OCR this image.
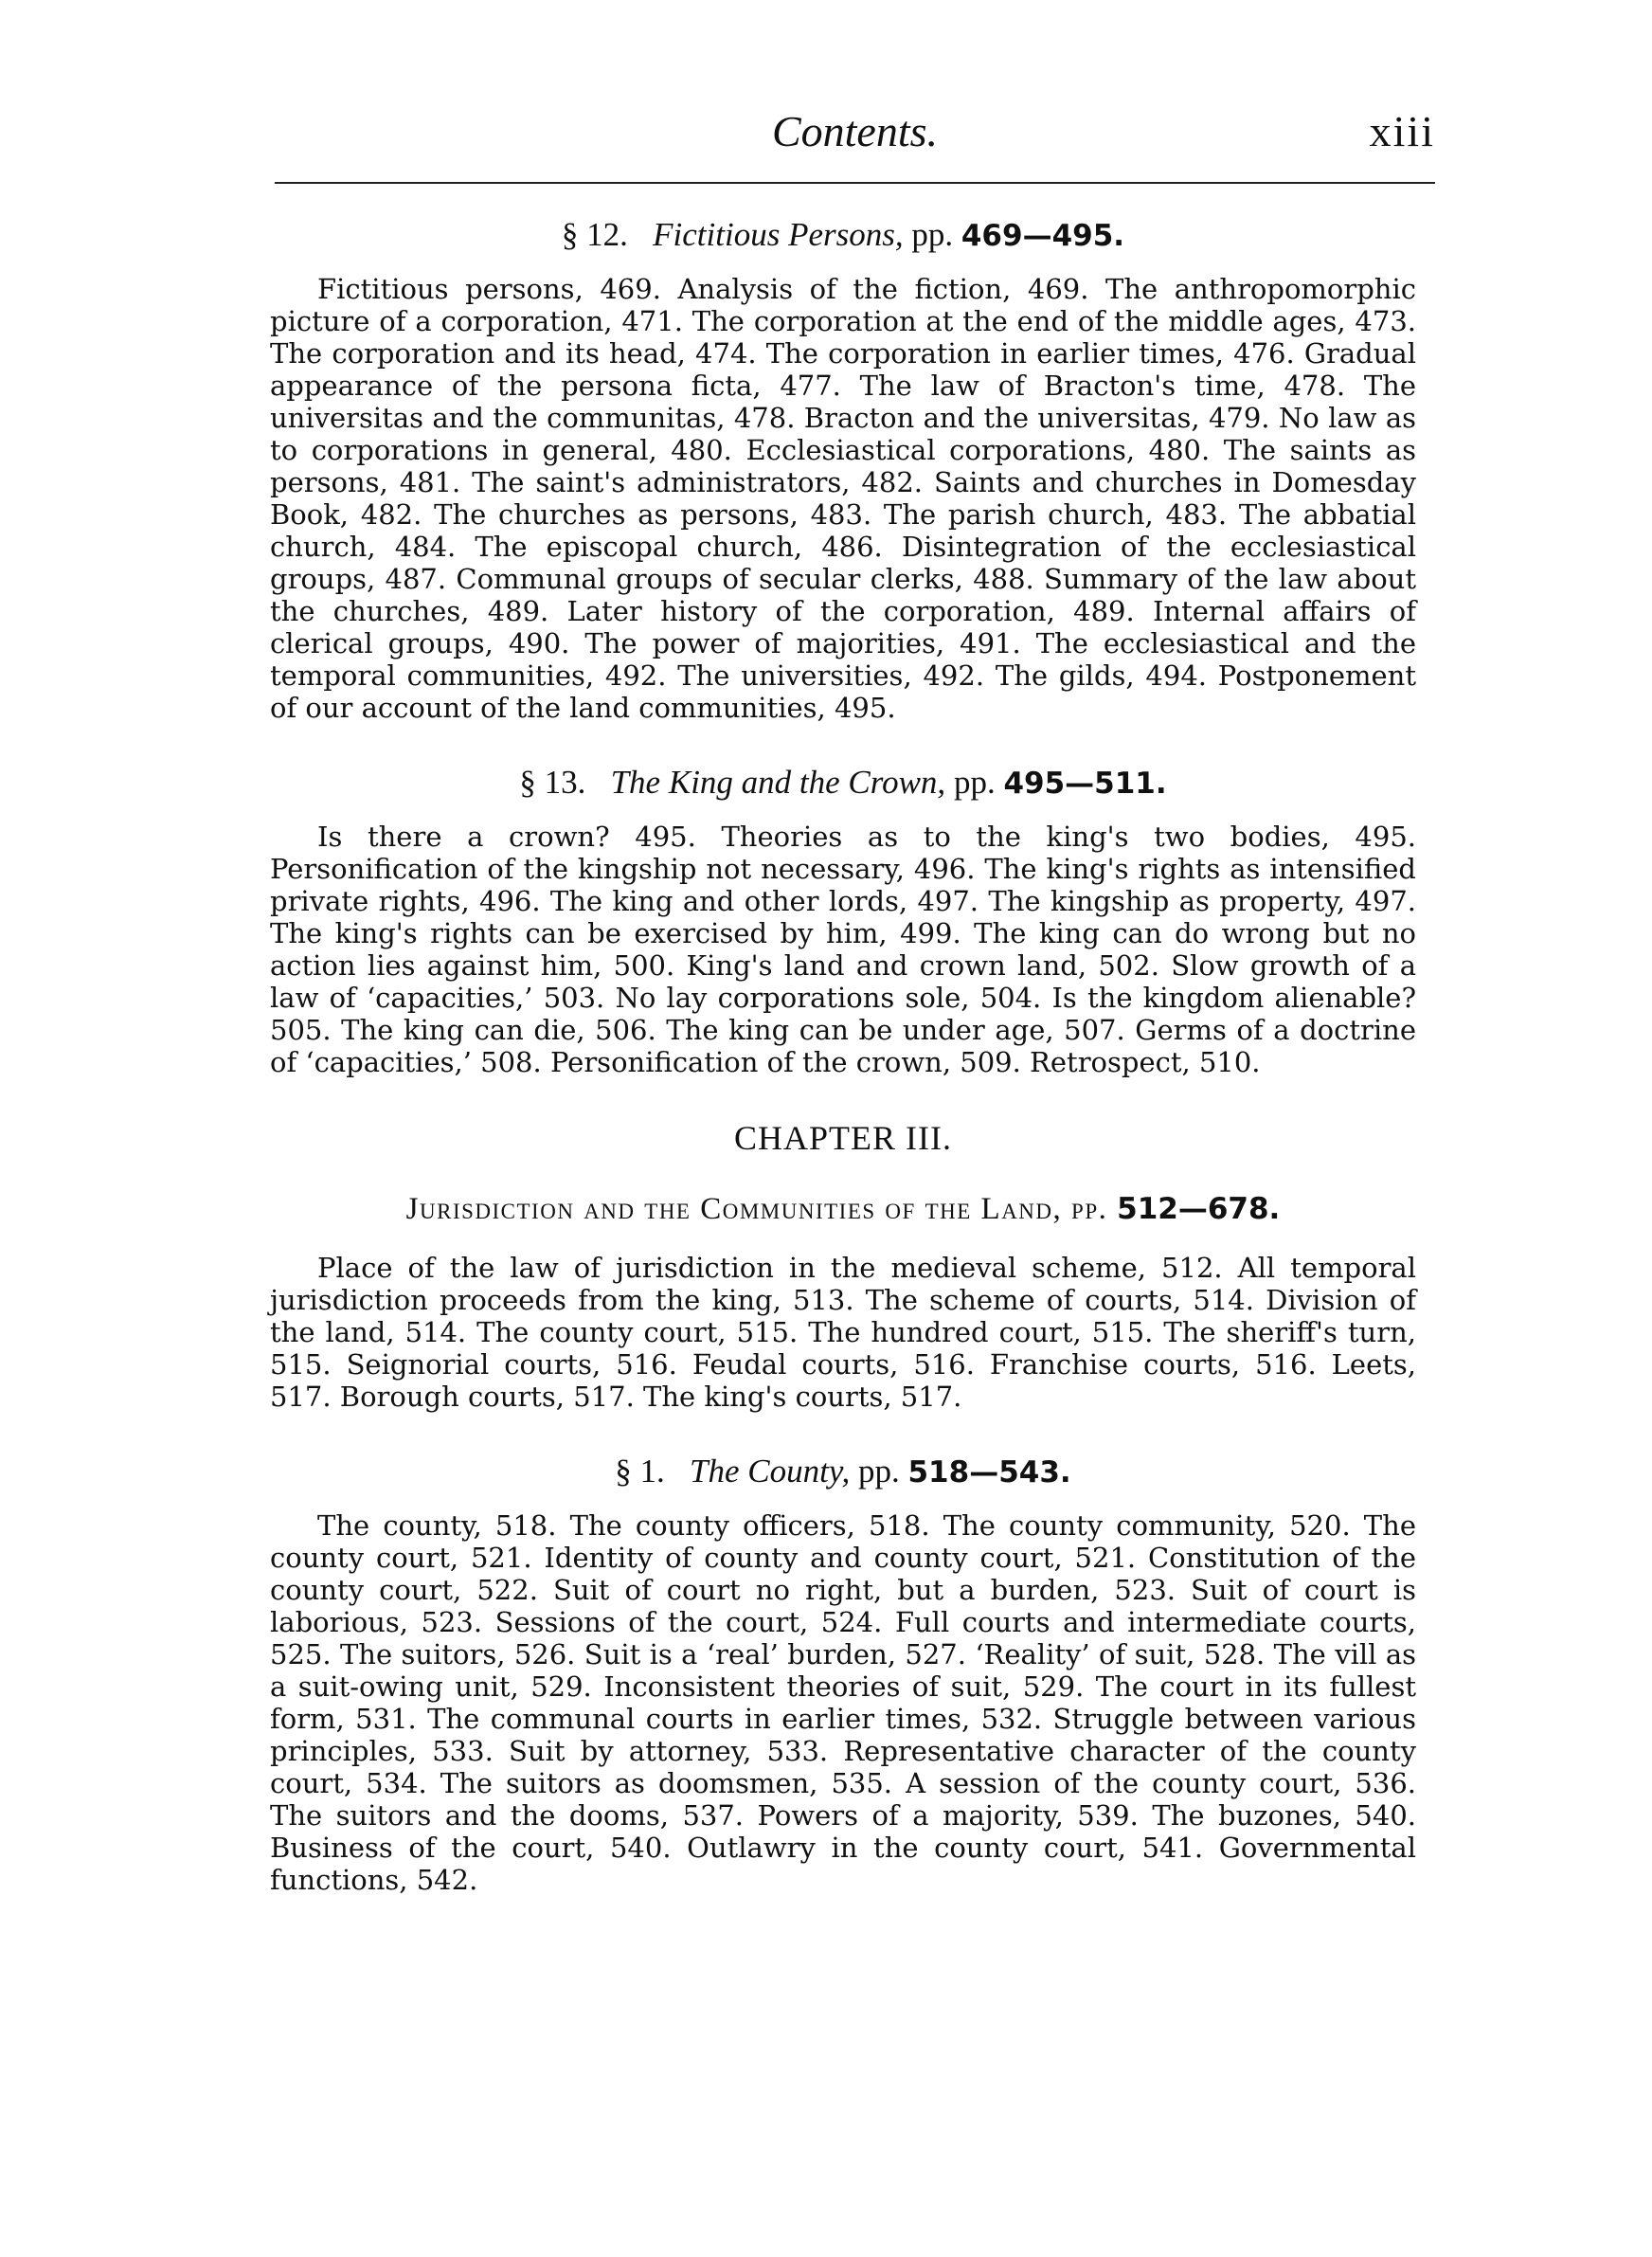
Contents.	xiii
§ 12. Fictitious Persons, pp. 469—495.

Fictitious persons, 469. Analysis of the fiction, 469. The anthropomorphic picture of a corporation, 471. The corporation at the end of the middle ages, 473. The corporation and its head, 474. The corporation in earlier times, 476. Gradual appearance of the persona ficta, 477. The law of Bracton's time, 478. The universitas and the communitas, 478. Bracton and the universitas, 479. No law as to corporations in general, 480. Ecclesiastical corporations, 480. The saints as persons, 481. The saint's administrators, 482. Saints and churches in Domesday Book, 482. The churches as persons, 483. The parish church, 483. The abbatial church, 484. The episcopal church, 486. Disintegration of the ecclesiastical groups, 487. Communal groups of secular clerks, 488. Summary of the law about the churches, 489. Later history of the corporation, 489. Internal affairs of clerical groups, 490. The power of majorities, 491. The ecclesiastical and the temporal communities, 492. The universities, 492. The gilds, 494. Postponement of our account of the land communities, 495.

§ 13. The King and the Crown, pp. 495—511.

Is there a crown? 495. Theories as to the king's two bodies, 495. Personification of the kingship not necessary, 496. The king's rights as intensified private rights, 496. The king and other lords, 497. The kingship as property, 497. The king's rights can be exercised by him, 499. The king can do wrong but no action lies against him, 500. King's land and crown land, 502. Slow growth of a law of ‘capacities,’ 503. No lay corporations sole, 504. Is the kingdom alienable? 505. The king can die, 506. The king can be under age, 507. Germs of a doctrine of ‘capacities,’ 508. Personification of the crown, 509. Retrospect, 510.

CHAPTER III.
Jurisdiction and the Communities of the Land, pp. 512—678.

Place of the law of jurisdiction in the medieval scheme, 512. All temporal jurisdiction proceeds from the king, 513. The scheme of courts, 514. Division of the land, 514. The county court, 515. The hundred court, 515. The sheriff's turn, 515. Seignorial courts, 516. Feudal courts, 516. Franchise courts, 516. Leets, 517. Borough courts, 517. The king's courts, 517.

§ 1. The County, pp. 518—543.

The county, 518. The county officers, 518. The county community, 520. The county court, 521. Identity of county and county court, 521. Constitution of the county court, 522. Suit of court no right, but a burden, 523. Suit of court is laborious, 523. Sessions of the court, 524. Full courts and intermediate courts, 525. The suitors, 526. Suit is a ‘real’ burden, 527. ‘Reality’ of suit, 528. The vill as a suit-owing unit, 529. Inconsistent theories of suit, 529. The court in its fullest form, 531. The communal courts in earlier times, 532. Struggle between various principles, 533. Suit by attorney, 533. Representative character of the county court, 534. The suitors as doomsmen, 535. A session of the county court, 536. The suitors and the dooms, 537. Powers of a majority, 539. The buzones, 540. Business of the court, 540. Outlawry in the county court, 541. Governmental functions, 542.
